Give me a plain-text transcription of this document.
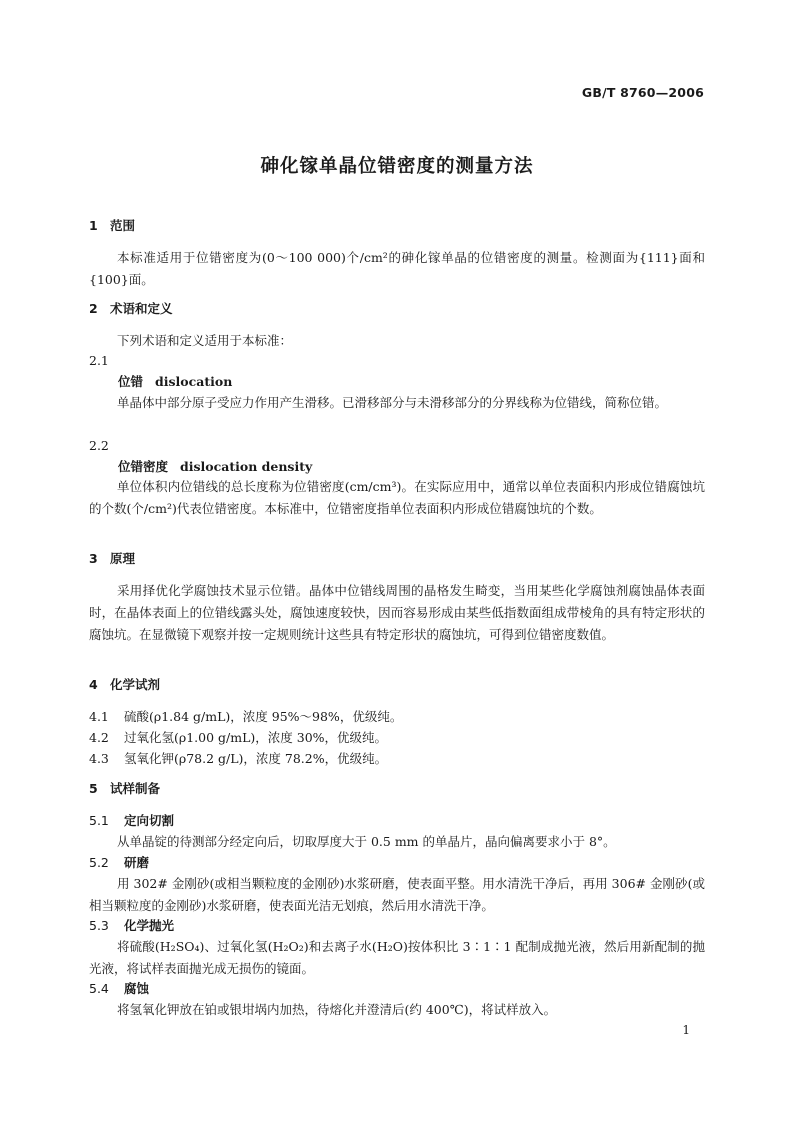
GB/T 8760—2006
砷化镓单晶位错密度的测量方法
1 范围

本标准适用于位错密度为(0～100 000)个/cm²的砷化镓单晶的位错密度的测量。检测面为{111}面和{100}面。

2 术语和定义

下列术语和定义适用于本标准：

2.1
位错 dislocation

单晶体中部分原子受应力作用产生滑移。已滑移部分与未滑移部分的分界线称为位错线，简称位错。

2.2
位错密度 dislocation density

单位体积内位错线的总长度称为位错密度(cm/cm³)。在实际应用中，通常以单位表面积内形成位错腐蚀坑的个数(个/cm²)代表位错密度。本标准中，位错密度指单位表面积内形成位错腐蚀坑的个数。

3 原理

采用择优化学腐蚀技术显示位错。晶体中位错线周围的晶格发生畸变，当用某些化学腐蚀剂腐蚀晶体表面时，在晶体表面上的位错线露头处，腐蚀速度较快，因而容易形成由某些低指数面组成带棱角的具有特定形状的腐蚀坑。在显微镜下观察并按一定规则统计这些具有特定形状的腐蚀坑，可得到位错密度数值。

4 化学试剂
4.1 硫酸(ρ1.84 g/mL)，浓度 95%～98%，优级纯。
4.2 过氧化氢(ρ1.00 g/mL)，浓度 30%，优级纯。
4.3 氢氧化钾(ρ78.2 g/L)，浓度 78.2%，优级纯。
5 试样制备
5.1 定向切割

从单晶锭的待测部分经定向后，切取厚度大于 0.5 mm 的单晶片，晶向偏离要求小于 8°。

5.2 研磨

用 302# 金刚砂(或相当颗粒度的金刚砂)水浆研磨，使表面平整。用水清洗干净后，再用 306# 金刚砂(或相当颗粒度的金刚砂)水浆研磨，使表面光洁无划痕，然后用水清洗干净。

5.3 化学抛光

将硫酸(H₂SO₄)、过氧化氢(H₂O₂)和去离子水(H₂O)按体积比 3∶1∶1 配制成抛光液，然后用新配制的抛光液，将试样表面抛光成无损伤的镜面。

5.4 腐蚀

将氢氧化钾放在铂或银坩埚内加热，待熔化并澄清后(约 400℃)，将试样放入。

1
